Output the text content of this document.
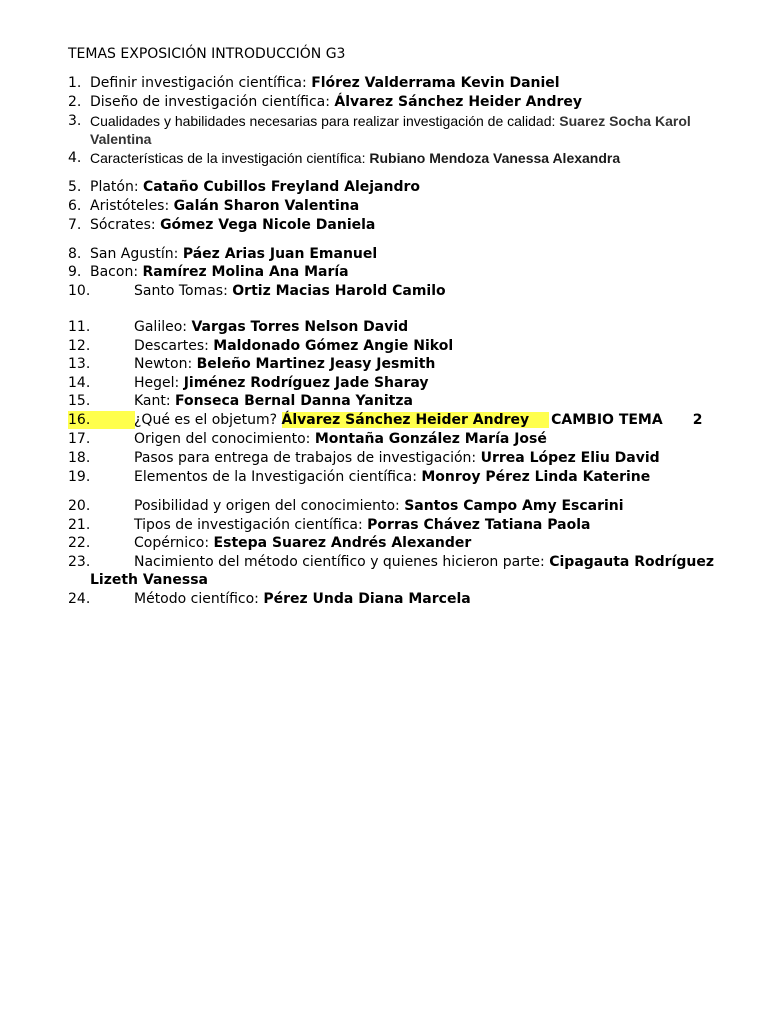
TEMAS EXPOSICIÓN INTRODUCCIÓN G3
1. Definir investigación científica: Flórez Valderrama Kevin Daniel
2. Diseño de investigación científica: Álvarez Sánchez Heider Andrey
3. Cualidades y habilidades necesarias para realizar investigación de calidad: Suarez Socha Karol Valentina
4. Características de la investigación científica: Rubiano Mendoza Vanessa Alexandra
5. Platón: Cataño Cubillos Freyland Alejandro
6. Aristóteles: Galán Sharon Valentina
7. Sócrates: Gómez Vega Nicole Daniela
8. San Agustín: Páez Arias Juan Emanuel
9. Bacon: Ramírez Molina Ana María
10.	Santo Tomas: Ortiz Macias Harold Camilo
11.	Galileo: Vargas Torres Nelson David
12.	Descartes: Maldonado Gómez Angie Nikol
13.	Newton: Beleño Martinez Jeasy Jesmith
14.	Hegel: Jiménez Rodríguez Jade Sharay
15.	Kant: Fonseca Bernal Danna Yanitza
16.	¿Qué es el objetum? Álvarez Sánchez Heider Andrey CAMBIO TEMA 2
17.	Origen del conocimiento: Montaña González María José
18.	Pasos para entrega de trabajos de investigación: Urrea López Eliu David
19.	Elementos de la Investigación científica: Monroy Pérez Linda Katerine
20.	Posibilidad y origen del conocimiento: Santos Campo Amy Escarini
21.	Tipos de investigación científica: Porras Chávez Tatiana Paola
22.	Copérnico: Estepa Suarez Andrés Alexander
23.	Nacimiento del método científico y quienes hicieron parte: Cipagauta Rodríguez Lizeth Vanessa
24.	Método científico: Pérez Unda Diana Marcela
